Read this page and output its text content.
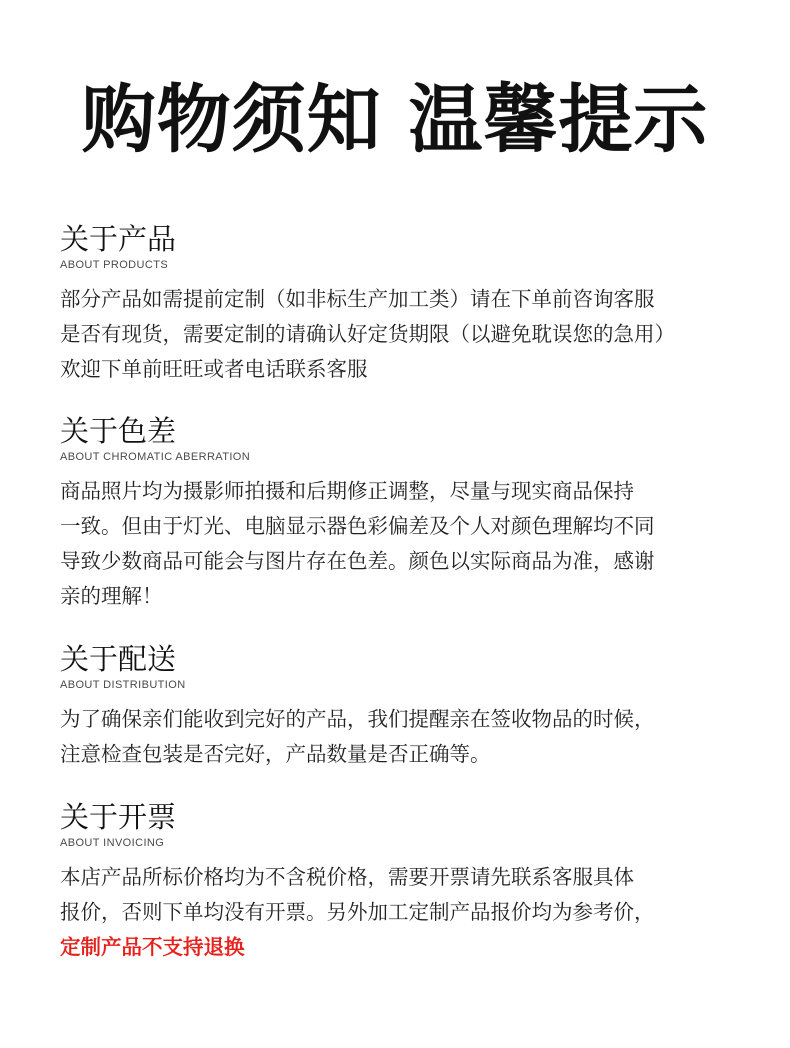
购物须知 温馨提示
关于产品
ABOUT PRODUCTS
部分产品如需提前定制（如非标生产加工类）请在下单前咨询客服
是否有现货，需要定制的请确认好定货期限（以避免耽误您的急用）
欢迎下单前旺旺或者电话联系客服
关于色差
ABOUT CHROMATIC ABERRATION
商品照片均为摄影师拍摄和后期修正调整，尽量与现实商品保持
一致。但由于灯光、电脑显示器色彩偏差及个人对颜色理解均不同
导致少数商品可能会与图片存在色差。颜色以实际商品为准，感谢
亲的理解！
关于配送
ABOUT DISTRIBUTION
为了确保亲们能收到完好的产品，我们提醒亲在签收物品的时候，
注意检查包装是否完好，产品数量是否正确等。
关于开票
ABOUT INVOICING
本店产品所标价格均为不含税价格，需要开票请先联系客服具体
报价，否则下单均没有开票。另外加工定制产品报价均为参考价，
定制产品不支持退换
